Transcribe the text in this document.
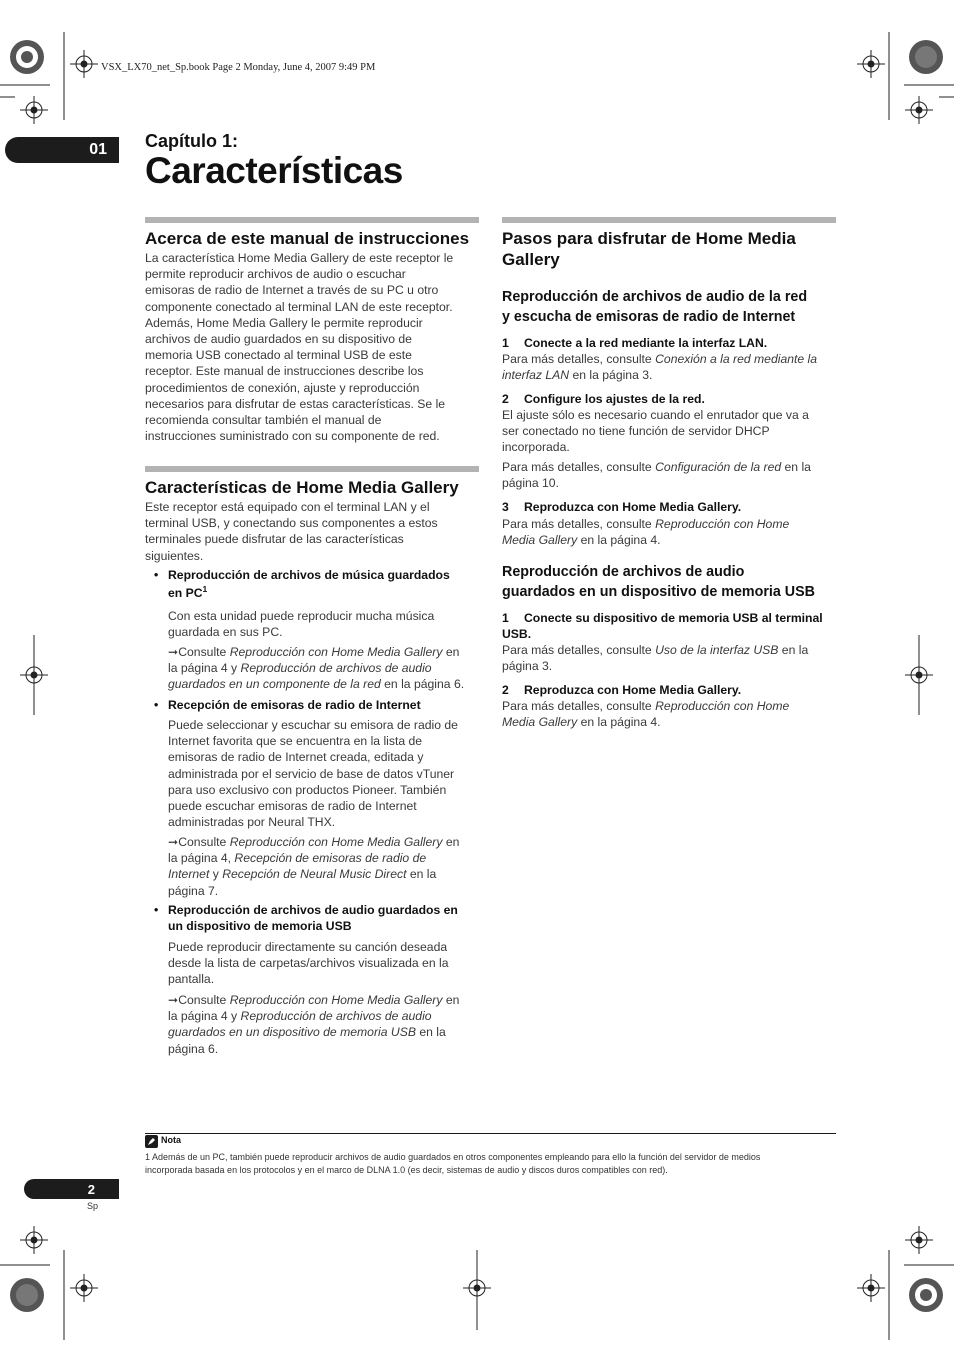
VSX_LX70_net_Sp.book Page 2 Monday, June 4, 2007 9:49 PM
01	Capítulo 1:
Características
Acerca de este manual de instrucciones
La característica Home Media Gallery de este receptor le
permite reproducir archivos de audio o escuchar
emisoras de radio de Internet a través de su PC u otro
componente conectado al terminal LAN de este receptor.
Además, Home Media Gallery le permite reproducir
archivos de audio guardados en su dispositivo de
memoria USB conectado al terminal USB de este
receptor. Este manual de instrucciones describe los
procedimientos de conexión, ajuste y reproducción
necesarios para disfrutar de estas características. Se le
recomienda consultar también el manual de
instrucciones suministrado con su componente de red.
Características de Home Media Gallery
Este receptor está equipado con el terminal LAN y el
terminal USB, y conectando sus componentes a estos
terminales puede disfrutar de las características
siguientes.
• Reproducción de archivos de música guardados
en $PC^1$
Con esta unidad puede reproducir mucha música
guardada en sus PC.
➞Consulte Reproducción con Home Media Gallery en
la página 4 y Reproducción de archivos de audio
guardados en un componente de la red en la página 6.
• Recepción de emisoras de radio de Internet
Puede seleccionar y escuchar su emisora de radio de
Internet favorita que se encuentra en la lista de
emisoras de radio de Internet creada, editada y
administrada por el servicio de base de datos vTuner
para uso exclusivo con productos Pioneer. También
puede escuchar emisoras de radio de Internet
administradas por Neural THX.
➞Consulte Reproducción con Home Media Gallery en
la página 4, Recepción de emisoras de radio de
Internet y Recepción de Neural Music Direct en la
página 7.
• Reproducción de archivos de audio guardados en
un dispositivo de memoria USB
Puede reproducir directamente su canción deseada
desde la lista de carpetas/archivos visualizada en la
pantalla.
➞Consulte Reproducción con Home Media Gallery en
la página 4 y Reproducción de archivos de audio
guardados en un dispositivo de memoria USB en la
página 6.
Pasos para disfrutar de Home Media
Gallery
Reproducción de archivos de audio de la red
y escucha de emisoras de radio de Internet
1 Conecte a la red mediante la interfaz LAN.
Para más detalles, consulte Conexión a la red mediante la
interfaz LAN en la página 3.
2 Configure los ajustes de la red.
El ajuste sólo es necesario cuando el enrutador que va a
ser conectado no tiene función de servidor DHCP
incorporada.
Para más detalles, consulte Configuración de la red en la
página 10.
3 Reproduzca con Home Media Gallery.
Para más detalles, consulte Reproducción con Home
Media Gallery en la página 4.
Reproducción de archivos de audio
guardados en un dispositivo de memoria USB
1 Conecte su dispositivo de memoria USB al terminal
USB.
Para más detalles, consulte Uso de la interfaz USB en la
página 3.
2 Reproduzca con Home Media Gallery.
Para más detalles, consulte Reproducción con Home
Media Gallery en la página 4.
Nota
1 Además de un PC, también puede reproducir archivos de audio guardados en otros componentes empleando para ello la función del servidor de medios
incorporada basada en los protocolos y en el marco de DLNA 1.0 (es decir, sistemas de audio y discos duros compatibles con red).
2
Sp
